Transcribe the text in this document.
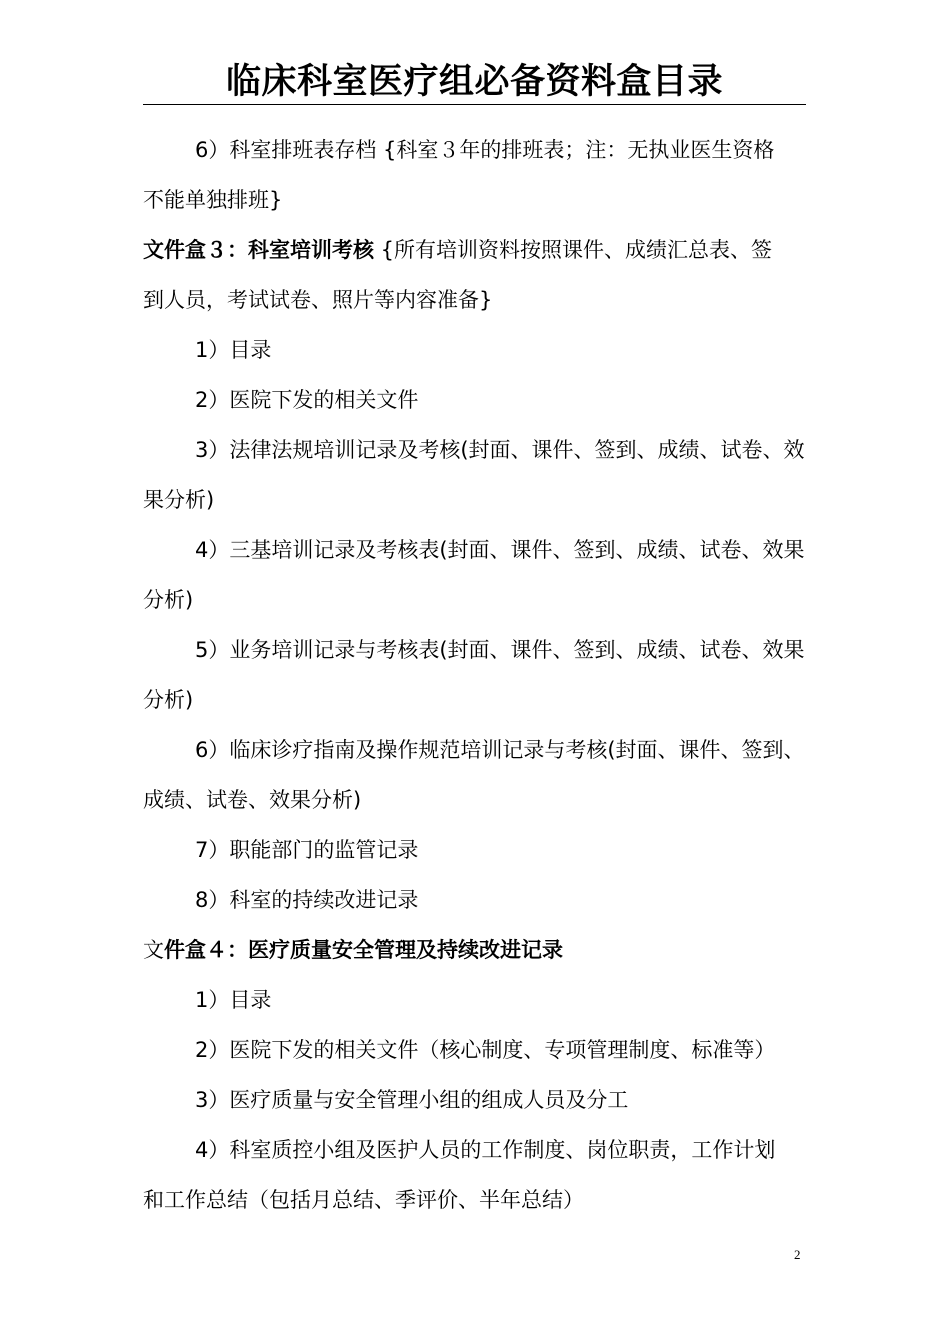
临床科室医疗组必备资料盒目录

6）科室排班表存档 {科室３年的排班表；注：无执业医生资格

不能单独排班}

文件盒３：科室培训考核 {所有培训资料按照课件、成绩汇总表、签

到人员，考试试卷、照片等内容准备}

1）目录

2）医院下发的相关文件

3）法律法规培训记录及考核(封面、课件、签到、成绩、试卷、效

果分析)

4）三基培训记录及考核表(封面、课件、签到、成绩、试卷、效果

分析)

5）业务培训记录与考核表(封面、课件、签到、成绩、试卷、效果

分析)

6）临床诊疗指南及操作规范培训记录与考核(封面、课件、签到、

成绩、试卷、效果分析)

7）职能部门的监管记录

8）科室的持续改进记录

文件盒４：医疗质量安全管理及持续改进记录

1）目录

2）医院下发的相关文件（核心制度、专项管理制度、标准等）

3）医疗质量与安全管理小组的组成人员及分工

4）科室质控小组及医护人员的工作制度、岗位职责，工作计划

和工作总结（包括月总结、季评价、半年总结）

2
